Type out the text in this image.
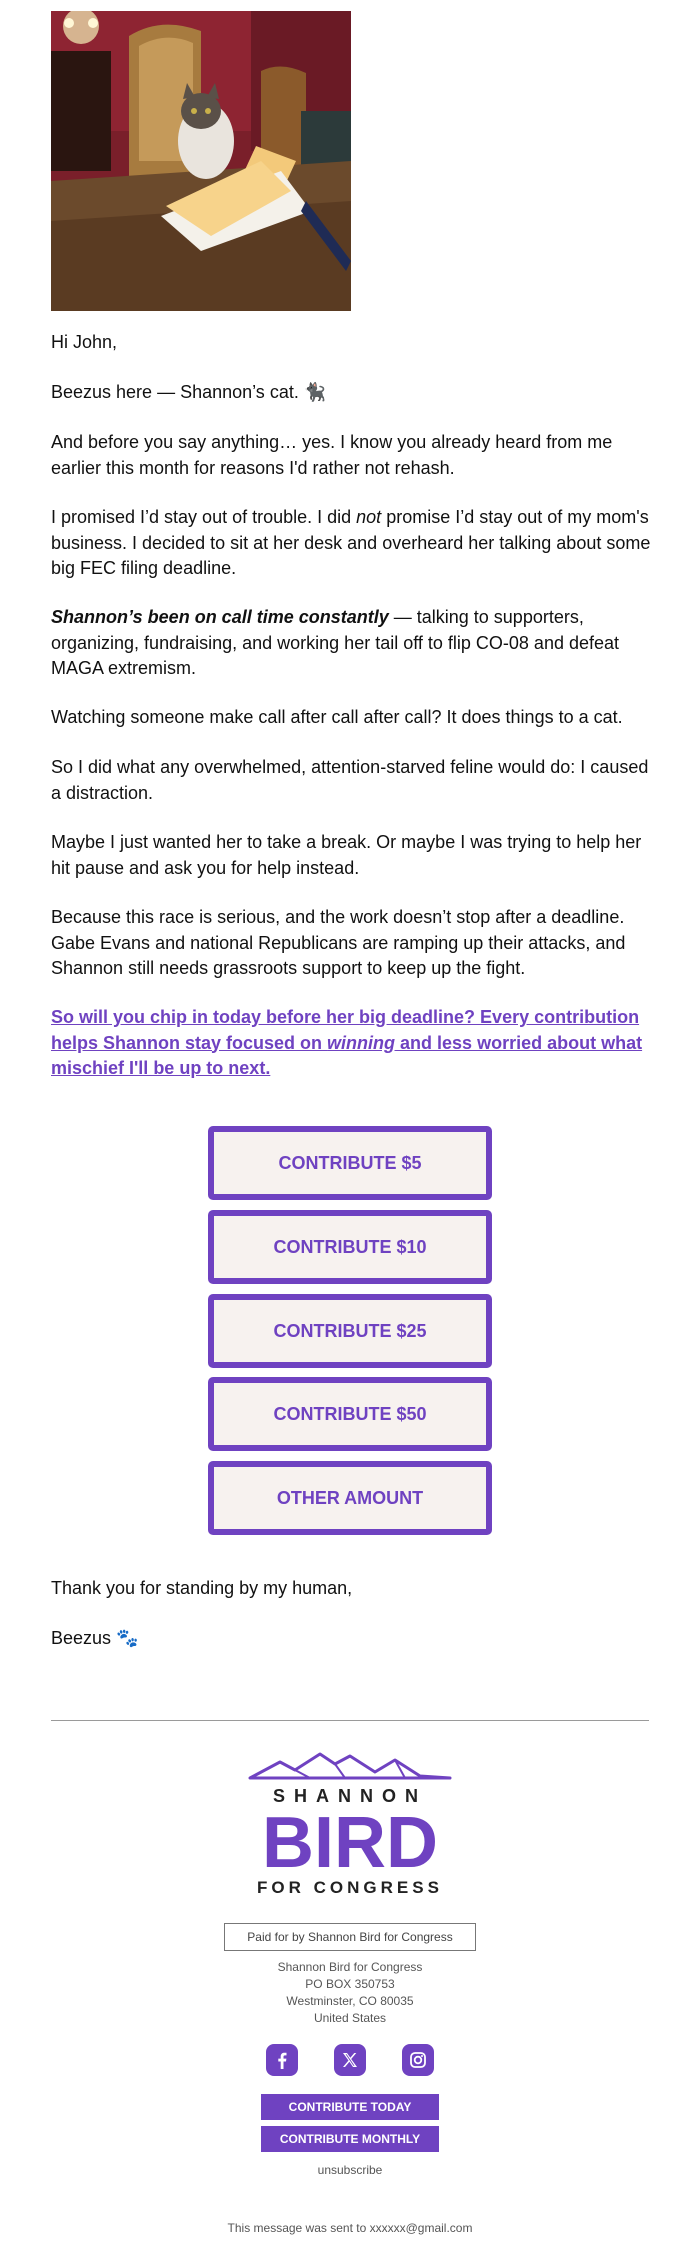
Hi John,

Beezus here — Shannon’s cat. 🐈‍⬛

And before you say anything… yes. I know you already heard from me earlier this month for reasons I'd rather not rehash.

I promised I’d stay out of trouble. I did not promise I’d stay out of my mom's business. I decided to sit at her desk and overheard her talking about some big FEC filing deadline.

Shannon’s been on call time constantly — talking to supporters, organizing, fundraising, and working her tail off to flip CO-08 and defeat MAGA extremism.

Watching someone make call after call after call? It does things to a cat.

So I did what any overwhelmed, attention-starved feline would do: I caused a distraction.

Maybe I just wanted her to take a break. Or maybe I was trying to help her hit pause and ask you for help instead.

Because this race is serious, and the work doesn’t stop after a deadline. Gabe Evans and national Republicans are ramping up their attacks, and Shannon still needs grassroots support to keep up the fight.

So will you chip in today before her big deadline? Every contribution helps Shannon stay focused on winning and less worried about what mischief I'll be up to next.

CONTRIBUTE $5
CONTRIBUTE $10
CONTRIBUTE $25
CONTRIBUTE $50
OTHER AMOUNT

Thank you for standing by my human,

Beezus 🐾

SHANNON
BIRD
FOR CONGRESS
Paid for by Shannon Bird for Congress
Shannon Bird for Congress
PO BOX 350753
Westminster, CO 80035
United States
CONTRIBUTE TODAY
CONTRIBUTE MONTHLY
unsubscribe
This message was sent to xxxxxx@gmail.com
